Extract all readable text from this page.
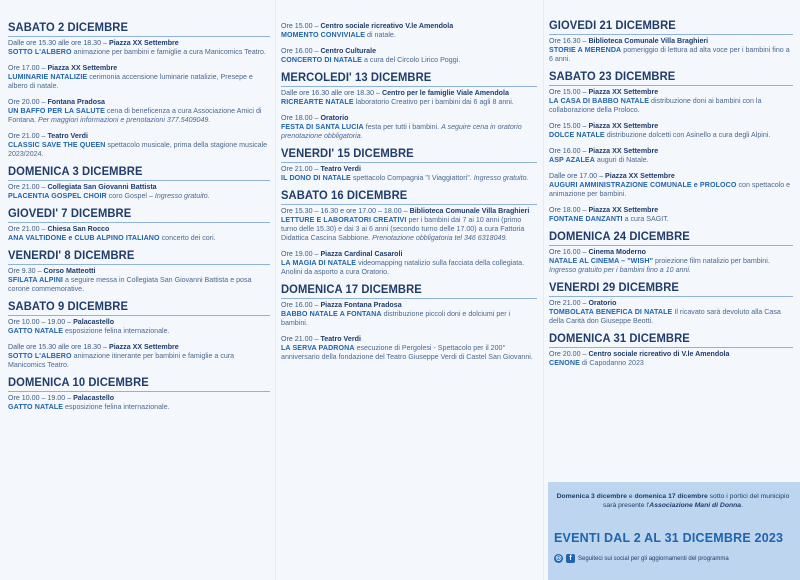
SABATO 2 DICEMBRE
Dalle ore 15.30 alle ore 18.30 – Piazza XX Settembre
SOTTO L'ALBERO animazione per bambini e famiglie a cura Manicomics Teatro.
Ore 17.00 – Piazza XX Settembre
LUMINARIE NATALIZIE cerimonia accensione luminarie natalizie, Presepe e albero di natale.
Ore 20.00 – Fontana Pradosa
UN BAFFO PER LA SALUTE cena di beneficenza a cura Associazione Amici di Fontana. Per maggiori informazioni e prenotazioni 377.5409049.
Ore 21.00 – Teatro Verdi
CLASSIC SAVE THE QUEEN spettacolo musicale, prima della stagione musicale 2023/2024.
DOMENICA 3 DICEMBRE
Ore 21.00 – Collegiata San Giovanni Battista
PLACENTIA GOSPEL CHOIR coro Gospel – Ingresso gratuito.
GIOVEDI' 7 DICEMBRE
Ore 21.00 – Chiesa San Rocco
ANA VALTIDONE e CLUB ALPINO ITALIANO concerto dei cori.
VENERDI' 8 DICEMBRE
Ore 9.30 – Corso Matteotti
SFILATA ALPINI a seguire messa in Collegiata San Giovanni Battista e posa corone commemorative.
SABATO 9 DICEMBRE
Ore 10.00 – 19.00 – Palacastello
GATTO NATALE esposizione felina internazionale.
Dalle ore 15.30 alle ore 18.30 – Piazza XX Settembre
SOTTO L'ALBERO animazione itinerante per bambini e famiglie a cura Manicomics Teatro.
DOMENICA 10 DICEMBRE
Ore 10.00 – 19.00 – Palacastello
GATTO NATALE esposizione felina internazionale.
Ore 15.00 – Centro sociale ricreativo V.le Amendola
MOMENTO CONVIVIALE di natale.
Ore 16.00 – Centro Culturale
CONCERTO DI NATALE a cura del Circolo Lirico Poggi.
MERCOLEDI' 13 DICEMBRE
Dalle ore 16.30 alle ore 18.30 – Centro per le famiglie Viale Amendola
RICREARTE NATALE laboratorio Creativo per i bambini dai 6 agli 8 anni.
Ore 18.00 – Oratorio
FESTA DI SANTA LUCIA festa per tutti i bambini. A seguire cena in oratorio prenotazione obbligatoria.
VENERDI' 15 DICEMBRE
Ore 21.00 – Teatro Verdi
IL DONO DI NATALE spettacolo Compagnia "I Viaggiattori". Ingresso gratuito.
SABATO 16 DICEMBRE
Ore 15.30 – 16.30 e ore 17.00 – 18.00 – Biblioteca Comunale Villa Braghieri
LETTURE E LABORATORI CREATIVI per i bambini dai 7 ai 10 anni (primo turno delle 15.30) e dai 3 ai 6 anni (secondo turno delle 17.00) a cura Fattoria Didattica Cascina Sabbione. Prenotazione obbligatoria tel 346 6318049.
Ore 19.00 – Piazza Cardinal Casaroli
LA MAGIA DI NATALE videomapping natalizio sulla facciata della collegiata. Anolini da asporto a cura Oratorio.
DOMENICA 17 DICEMBRE
Ore 16.00 – Piazza Fontana Pradosa
BABBO NATALE A FONTANA distribuzione piccoli doni e dolciumi per i bambini.
Ore 21.00 – Teatro Verdi
LA SERVA PADRONA esecuzione di Pergolesi - Spettacolo per il 200° anniversario della fondazione del Teatro Giuseppe Verdi di Castel San Giovanni.
GIOVEDI 21 DICEMBRE
Ore 16.30 – Biblioteca Comunale Villa Braghieri
STORIE A MERENDA pomeriggio di lettura ad alta voce per i bambini fino a 6 anni.
SABATO 23 DICEMBRE
Ore 15.00 – Piazza XX Settembre
LA CASA DI BABBO NATALE distribuzione doni ai bambini con la collaborazione della Proloco.
Ore 15.00 – Piazza XX Settembre
DOLCE NATALE distribuzione dolcetti con Asinello a cura degli Alpini.
Ore 16.00 – Piazza XX Settembre
ASP AZALEA auguri di Natale.
Dalle ore 17.00 – Piazza XX Settembre
AUGURI AMMINISTRAZIONE COMUNALE e PROLOCO con spettacolo e animazione per bambini.
Ore 18.00 – Piazza XX Settembre
FONTANE DANZANTI a cura SAGIT.
DOMENICA 24 DICEMBRE
Ore 16.00 – Cinema Moderno
NATALE AL CINEMA – "WISH" proiezione film natalizio per bambini. Ingresso gratuito per i bambini fino a 10 anni.
VENERDI 29 DICEMBRE
Ore 21.00 – Oratorio
TOMBOLATA BENEFICA DI NATALE Il ricavato sarà devoluto alla Casa della Carità don Giuseppe Beotti.
DOMENICA 31 DICEMBRE
Ore 20.00 – Centro sociale ricreativo di V.le Amendola
CENONE di Capodanno 2023
Domenica 3 dicembre e domenica 17 dicembre sotto i portici del municipio sarà presente l'Associazione Mani di Donna.
EVENTI DAL 2 AL 31 DICEMBRE 2023
◎	f	Seguiteci sui social per gli aggiornamenti del programma
